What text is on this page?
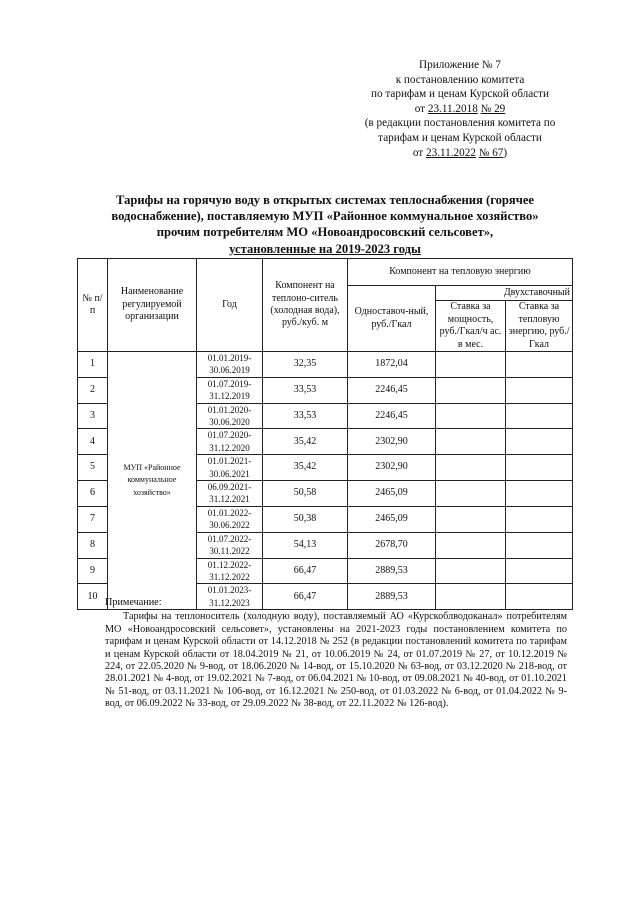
Приложение № 7
к постановлению комитета
по тарифам и ценам Курской области
от 23.11.2018 № 29
(в редакции постановления комитета по
тарифам и ценам Курской области
от 23.11.2022 № 67)
Тарифы на горячую воду в открытых системах теплоснабжения (горячее водоснабжение), поставляемую МУП «Районное коммунальное хозяйство» прочим потребителям МО «Новоандросовский сельсовет»,
установленные на 2019-2023 годы
№ п/п	Наименование регулируемой организации	Год	Компонент на теплоно-ситель (холодная вода), руб./куб. м	Компонент на тепловую энергию		
				Одноставоч-ный, руб./Гкал	Двухставочный	
					Ставка за мощность, руб./Гкал/ч ас. в мес.	Ставка за тепловую энергию, руб./Гкал
1	МУП «Районное коммунальное хозяйство»	01.01.2019-30.06.2019	32,35	1872,04		
2		01.07.2019-31.12.2019	33,53	2246,45		
3		01.01.2020-30.06.2020	33,53	2246,45		
4		01.07.2020-31.12.2020	35,42	2302,90		
5		01.01.2021-30.06.2021	35,42	2302,90		
6		06.09.2021-31.12.2021	50,58	2465,09		
7		01.01.2022-30.06.2022	50,38	2465,09		
8		01.07.2022-30.11.2022	54,13	2678,70		
9		01.12.2022-31.12.2022	66,47	2889,53		
10		01.01.2023-31.12.2023	66,47	2889,53		
Примечание:

Тарифы на теплоноситель (холодную воду), поставляемый АО «Курскоблводоканал» потребителям МО «Новоандросовский сельсовет», установлены на 2021-2023 годы постановлением комитета по тарифам и ценам Курской области от 14.12.2018 № 252 (в редакции постановлений комитета по тарифам и ценам Курской области от 18.04.2019 № 21, от 10.06.2019 № 24, от 01.07.2019 № 27, от 10.12.2019 № 224, от 22.05.2020 № 9-вод, от 18.06.2020 № 14-вод, от 15.10.2020 № 63-вод, от 03.12.2020 № 218-вод, от 28.01.2021 № 4-вод, от 19.02.2021 № 7-вод, от 06.04.2021 № 10-вод, от 09.08.2021 № 40-вод, от 01.10.2021 № 51-вод, от 03.11.2021 № 106-вод, от 16.12.2021 № 250-вод, от 01.03.2022 № 6-вод, от 01.04.2022 № 9-вод, от 06.09.2022 № 33-вод, от 29.09.2022 № 38-вод, от 22.11.2022 № 126-вод).
